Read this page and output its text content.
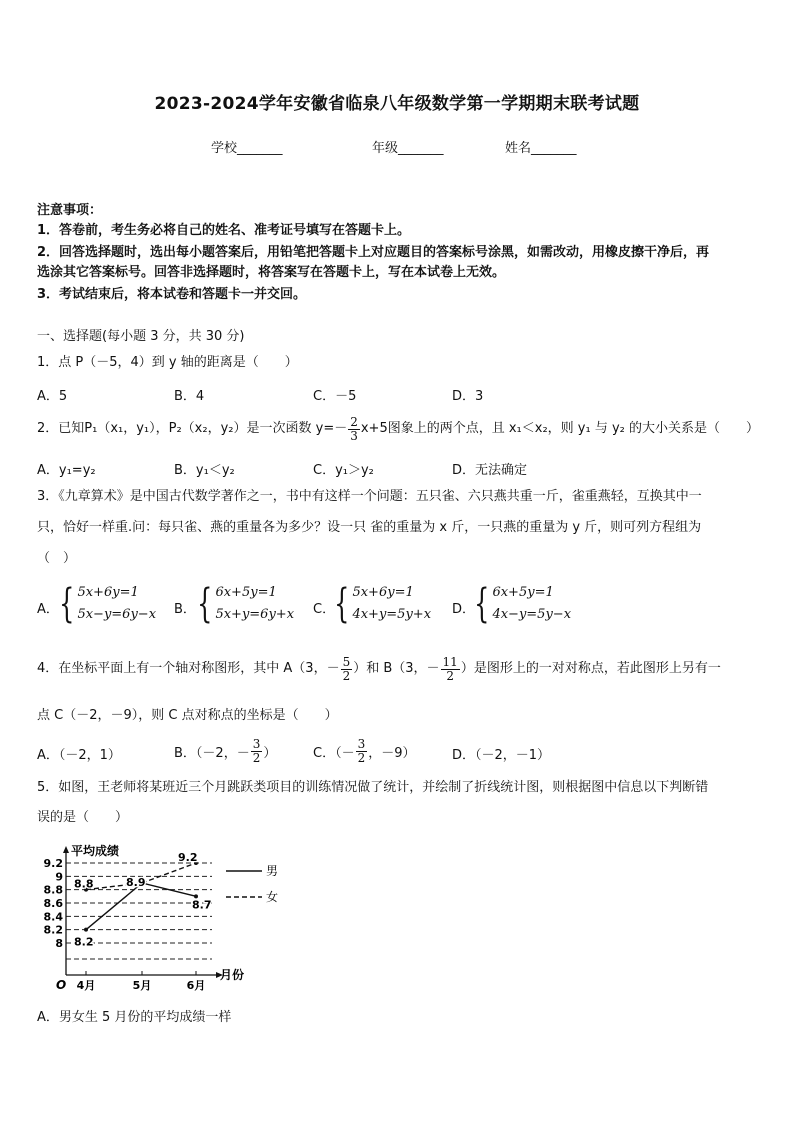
2023-2024学年安徽省临泉八年级数学第一学期期末联考试题
学校_______	年级_______	姓名_______
注意事项：
1．答卷前，考生务必将自己的姓名、准考证号填写在答题卡上。
2．回答选择题时，选出每小题答案后，用铅笔把答题卡上对应题目的答案标号涂黑，如需改动，用橡皮擦干净后，再
选涂其它答案标号。回答非选择题时，将答案写在答题卡上，写在本试卷上无效。
3．考试结束后，将本试卷和答题卡一并交回。
一、选择题(每小题 3 分，共 30 分)
1．点 P（－5，4）到 y 轴的距离是（　　）
A．5	B．4	C．－5	D．3
2．已知P₁（x₁，y₁），P₂（x₂，y₂）是一次函数 $y=- \frac{2}{3} x+5$图象上的两个点，且 x₁＜x₂，则 y₁ 与 y₂ 的大小关系是（　　）
A．y₁=y₂	B．y₁＜y₂	C．y₁＞y₂	D．无法确定
3．《九章算术》是中国古代数学著作之一，书中有这样一个问题：五只雀、六只燕共重一斤，雀重燕轻，互换其中一
只，恰好一样重.问：每只雀、燕的重量各为多少？设一只 雀的重量为 x 斤，一只燕的重量为 y 斤，则可列方程组为
（　）
A． { 5x+6y=1
5x−y=6y−x B． { 6x+5y=1
5x+y=6y+x C． { 5x+6y=1
4x+y=5y+x D． { 6x+5y=1
4x−y=5y−x
4．在坐标平面上有一个轴对称图形，其中 A（3，－ $\frac{5}{2}$ ）和 B（3，－ $\frac{11}{2}$ ）是图形上的一对对称点，若此图形上另有一
点 C（－2，－9），则 C 点对称点的坐标是（　　）
A．（－2，1）	B．（－2，－ $\frac{3}{2}$ ）	C．（－ $\frac{3}{2}$ ，－9）	D．（－2，－1）
5．如图，王老师将某班近三个月跳跃类项目的训练情况做了统计，并绘制了折线统计图，则根据图中信息以下判断错
误的是（　　）
8
8.2
8.4
8.6
8.8
9
9.2
平均成绩
月份
O 4月	5月	6月
男
女
8.2
8.8	8.9
8.7
9.2
A．男女生 5 月份的平均成绩一样
